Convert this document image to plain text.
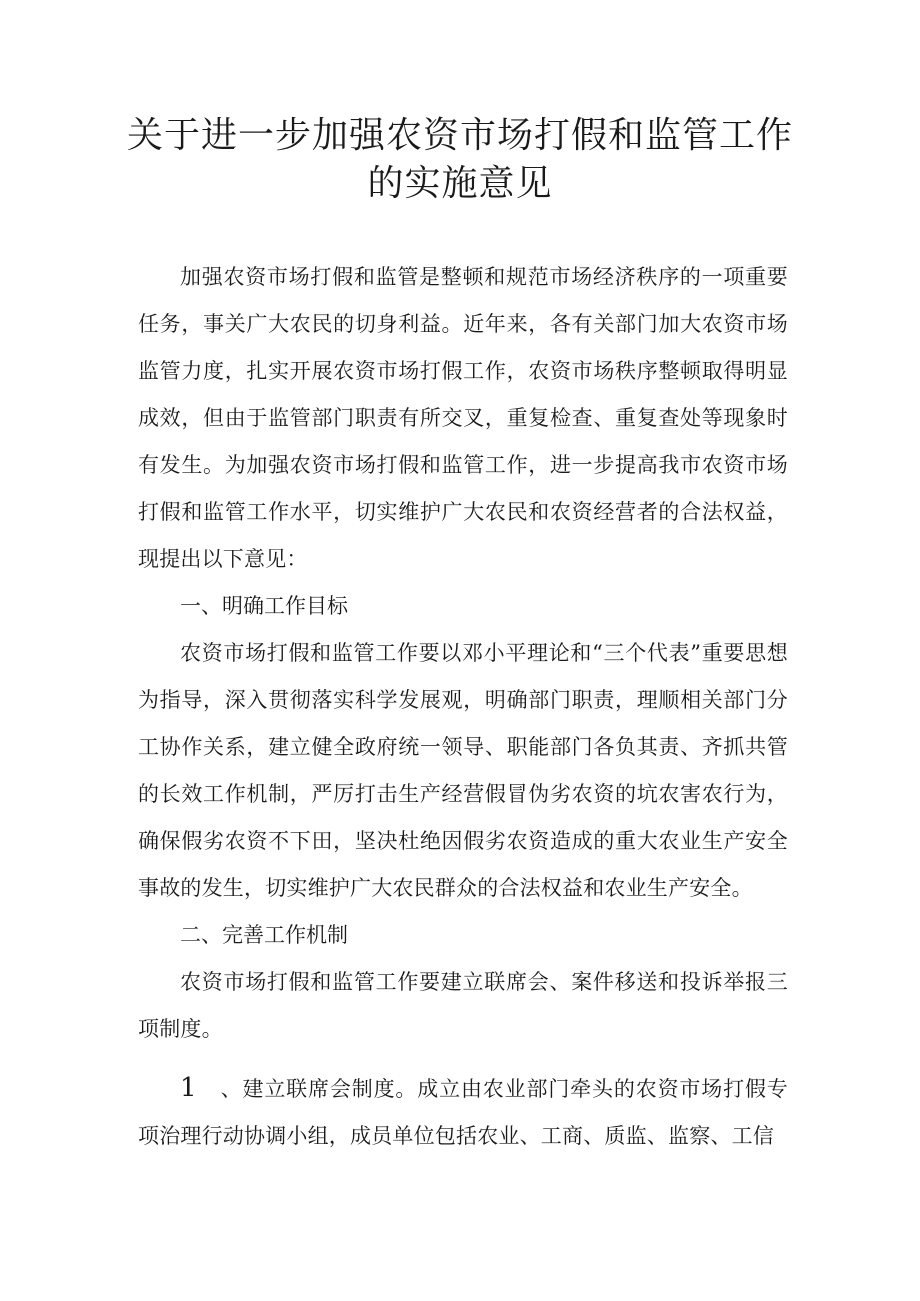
关于进一步加强农资市场打假和监管工作
的实施意见

加强农资市场打假和监管是整顿和规范市场经济秩序的一项重要任务，事关广大农民的切身利益。近年来，各有关部门加大农资市场监管力度，扎实开展农资市场打假工作，农资市场秩序整顿取得明显成效，但由于监管部门职责有所交叉，重复检查、重复查处等现象时有发生。为加强农资市场打假和监管工作，进一步提高我市农资市场打假和监管工作水平，切实维护广大农民和农资经营者的合法权益，现提出以下意见：

一、明确工作目标

农资市场打假和监管工作要以邓小平理论和“三个代表”重要思想为指导，深入贯彻落实科学发展观，明确部门职责，理顺相关部门分工协作关系，建立健全政府统一领导、职能部门各负其责、齐抓共管的长效工作机制，严厉打击生产经营假冒伪劣农资的坑农害农行为，确保假劣农资不下田，坚决杜绝因假劣农资造成的重大农业生产安全事故的发生，切实维护广大农民群众的合法权益和农业生产安全。

二、完善工作机制

农资市场打假和监管工作要建立联席会、案件移送和投诉举报三项制度。

1 、建立联席会制度。成立由农业部门牵头的农资市场打假专项治理行动协调小组，成员单位包括农业、工商、质监、监察、工信
